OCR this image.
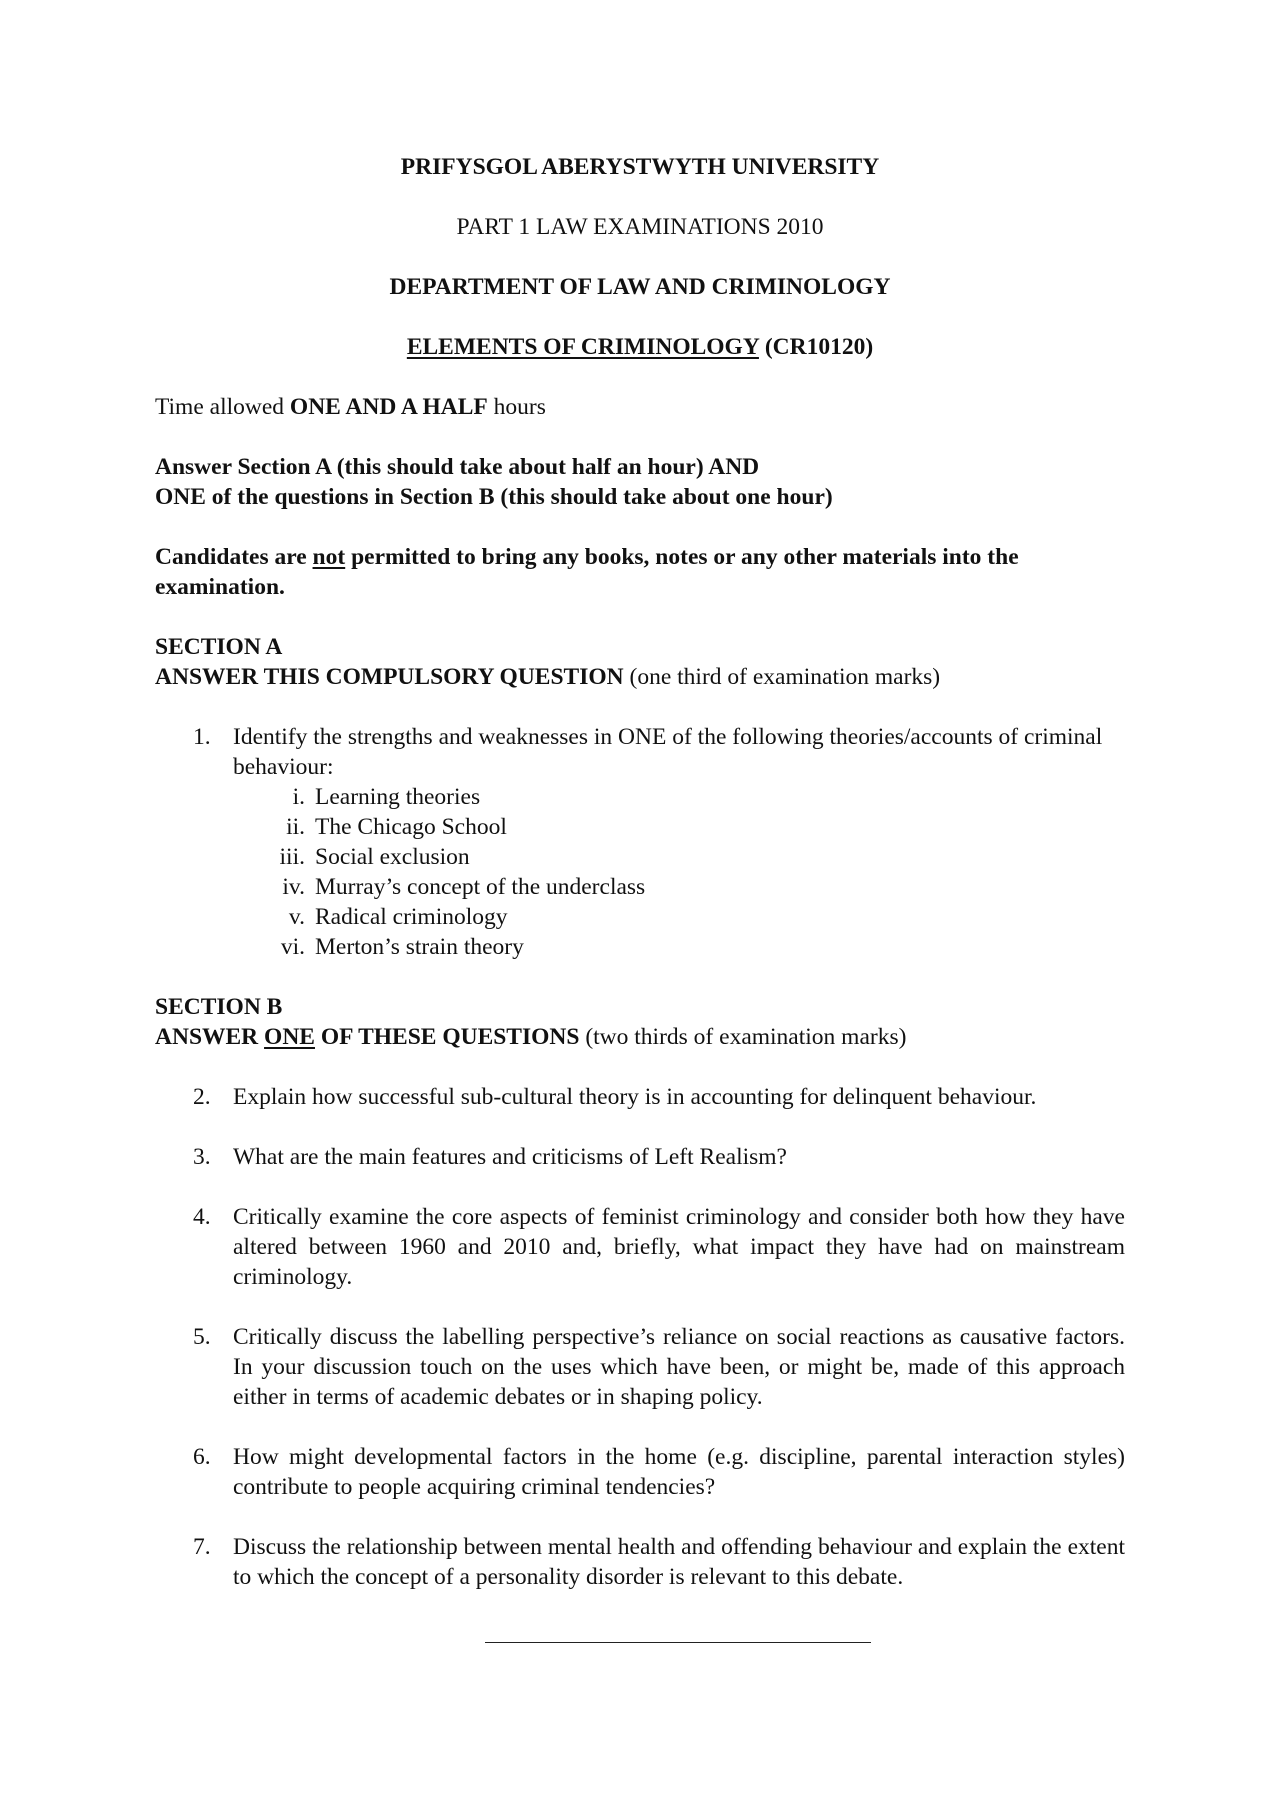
PRIFYSGOL ABERYSTWYTH UNIVERSITY
PART 1 LAW EXAMINATIONS 2010
DEPARTMENT OF LAW AND CRIMINOLOGY
ELEMENTS OF CRIMINOLOGY (CR10120)
Time allowed ONE AND A HALF hours
Answer Section A (this should take about half an hour) AND
ONE of the questions in Section B (this should take about one hour)
Candidates are not permitted to bring any books, notes or any other materials into the examination.
SECTION A
ANSWER THIS COMPULSORY QUESTION (one third of examination marks)
1. Identify the strengths and weaknesses in ONE of the following theories/accounts of criminal behaviour:
i. Learning theories
ii. The Chicago School
iii. Social exclusion
iv. Murray’s concept of the underclass
v. Radical criminology
vi. Merton’s strain theory
SECTION B
ANSWER ONE OF THESE QUESTIONS (two thirds of examination marks)
2. Explain how successful sub-cultural theory is in accounting for delinquent behaviour.
3. What are the main features and criticisms of Left Realism?
4. Critically examine the core aspects of feminist criminology and consider both how they have altered between 1960 and 2010 and, briefly, what impact they have had on mainstream criminology.
5. Critically discuss the labelling perspective’s reliance on social reactions as causative factors. In your discussion touch on the uses which have been, or might be, made of this approach either in terms of academic debates or in shaping policy.
6. How might developmental factors in the home (e.g. discipline, parental interaction styles) contribute to people acquiring criminal tendencies?
7. Discuss the relationship between mental health and offending behaviour and explain the extent to which the concept of a personality disorder is relevant to this debate.
